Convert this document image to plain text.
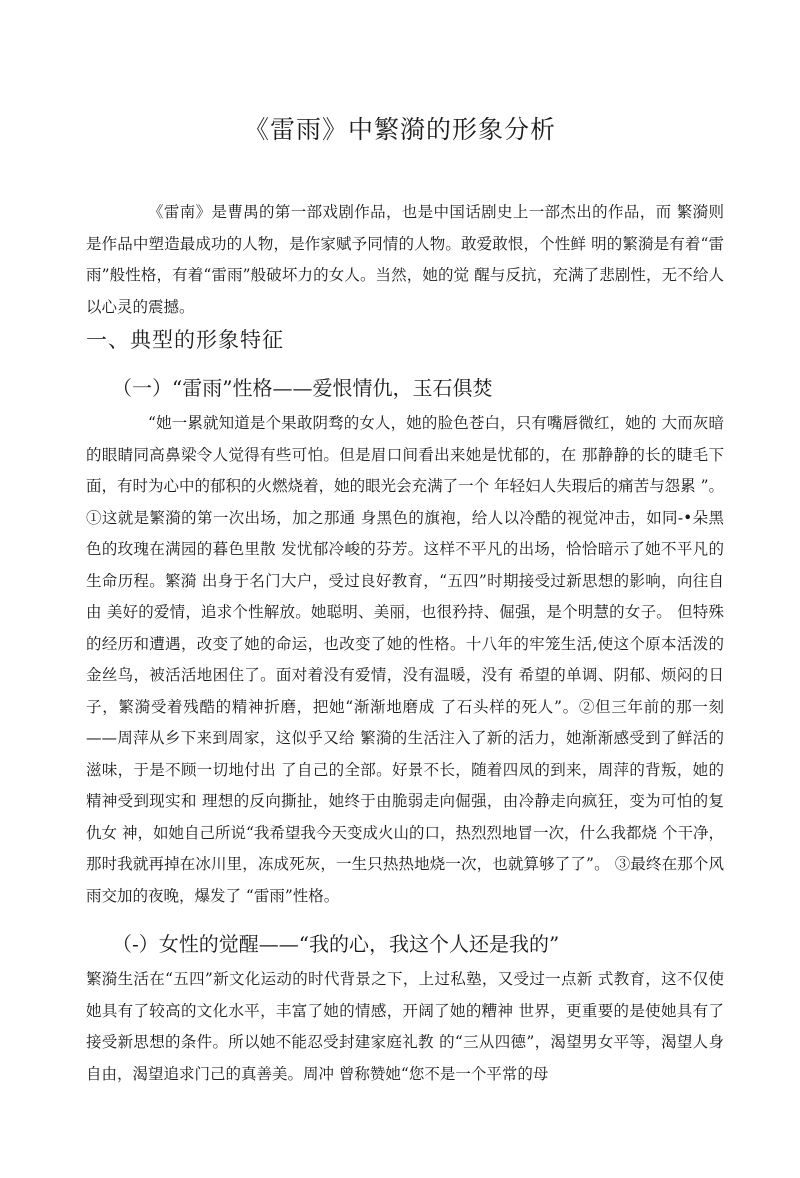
《雷雨》中繁漪的形象分析

《雷南》是曹禺的第一部戏剧作品，也是中国话剧史上一部杰出的作品，而 繁漪则是作品中塑造最成功的人物，是作家赋予同情的人物。敢爱敢恨，个性鲜 明的繁漪是有着“雷雨”般性格，有着“雷雨”般破坏力的女人。当然，她的觉 醒与反抗，充满了悲剧性，无不给人以心灵的震撼。

一、典型的形象特征
（一）“雷雨”性格——爱恨情仇，玉石俱焚

“她一累就知道是个果敢阴骛的女人，她的脸色苍白，只有嘴唇微红，她的 大而灰暗的眼睛同高鼻梁令人觉得有些可怕。但是眉口间看出来她是忧郁的，在 那静静的长的睫毛下面，有时为心中的郁积的火燃烧着，她的眼光会充满了一个 年轻妇人失瑕后的痛苦与怨累 ”。①这就是繁漪的第一次出场，加之那通 身黑色的旗袍，给人以冷酷的视觉冲击，如同-•朵黑色的玫瑰在满园的暮色里散 发忧郁冷峻的芬芳。这样不平凡的出场，恰恰暗示了她不平凡的生命历程。繁漪 出身于名门大户，受过良好教育，“五四”时期接受过新思想的影响，向往自由 美好的爱情，追求个性解放。她聪明、美丽，也很矜持、倔强，是个明慧的女子。 但特殊的经历和遭遇，改变了她的命运，也改变了她的性格。十八年的牢笼生活,使这个原本活泼的金丝鸟，被活活地困住了。面对着没有爱情，没有温暖，没有 希望的单调、阴郁、烦闷的日子，繁漪受着残酷的精神折磨，把她“渐渐地磨成 了石头样的死人”。②但三年前的那一刻——周萍从乡下来到周家，这似乎又给 繁漪的生活注入了新的活力，她渐渐感受到了鲜活的滋味，于是不顾一切地付出 了自己的全部。好景不长，随着四凤的到来，周萍的背叛，她的精神受到现实和 理想的反向撕扯，她终于由脆弱走向倔强，由冷静走向疯狂，变为可怕的复仇女 神，如她自己所说“我希望我今天变成火山的口，热烈烈地冒一次，什么我都烧 个干净，那时我就再掉在冰川里，冻成死灰，一生只热热地烧一次，也就算够了了”。 ③最终在那个风雨交加的夜晚，爆发了 “雷雨”性格。

（-）女性的觉醒——“我的心，我这个人还是我的”

繁漪生活在“五四”新文化运动的时代背景之下，上过私塾，又受过一点新 式教育，这不仅使她具有了较高的文化水平，丰富了她的情感，开阔了她的糟神 世界，更重要的是使她具有了接受新思想的条件。所以她不能忍受封建家庭礼教 的“三从四德”，渴望男女平等，渴望人身自由，渴望追求门己的真善美。周冲 曾称赞她“您不是一个平常的母
